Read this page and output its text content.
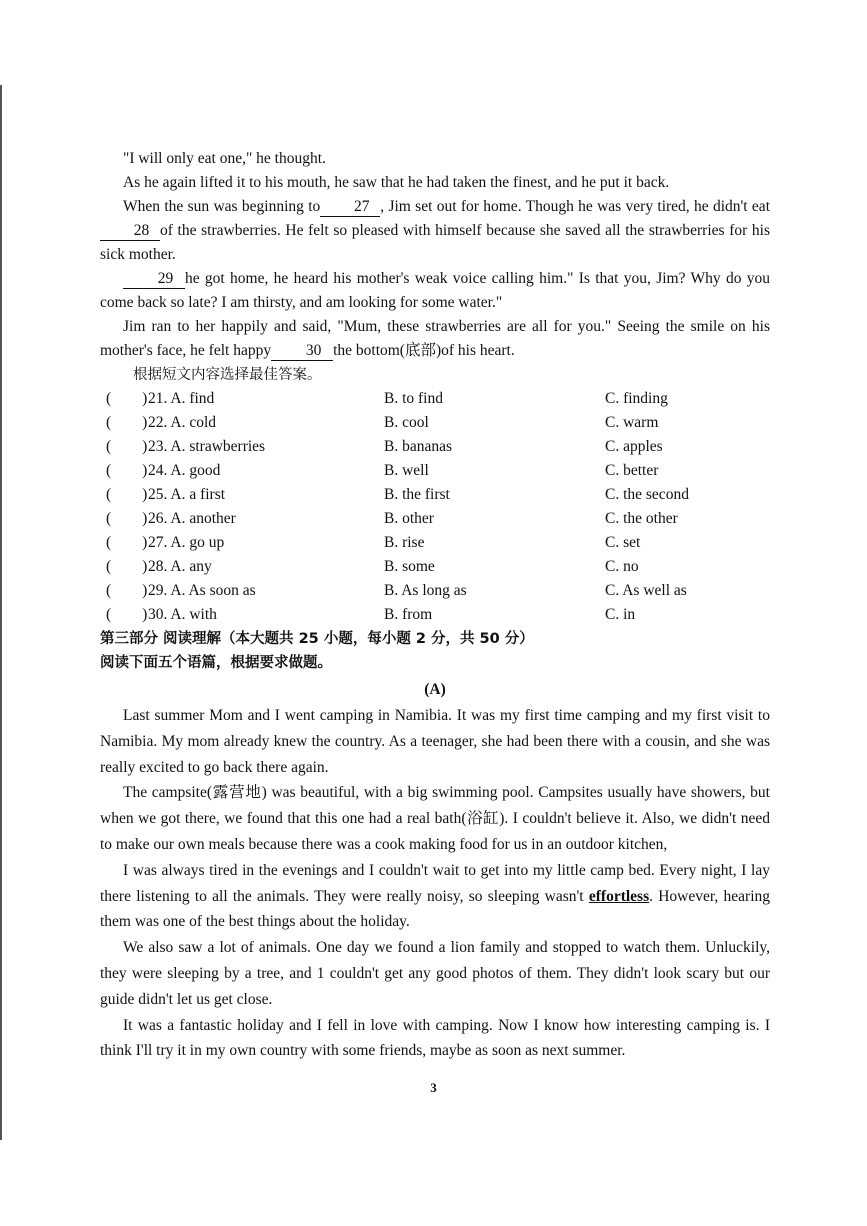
"I will only eat one," he thought.

As he again lifted it to his mouth, he saw that he had taken the finest, and he put it back.

When the sun was beginning to 27 , Jim set out for home. Though he was very tired, he didn't eat28 of the strawberries. He felt so pleased with himself because she saved all the strawberries for his sick mother.

29 he got home, he heard his mother's weak voice calling him." Is that you, Jim? Why do you come back so late? I am thirsty, and am looking for some water."

Jim ran to her happily and said, "Mum, these strawberries are all for you." Seeing the smile on his mother's face, he felt happy 30 the bottom(底部)of his heart.

根据短文内容选择最佳答案。

(　　) 21. A. find	B. to find	C. finding
(　　) 22. A. cold	B. cool	C. warm
(　　) 23. A. strawberries	B. bananas	C. apples
(　　) 24. A. good	B. well	C. better
(　　) 25. A. a first	B. the first	C. the second
(　　) 26. A. another	B. other	C. the other
(　　) 27. A. go up	B. rise	C. set
(　　) 28. A. any	B. some	C. no
(　　) 29. A. As soon as	B. As long as	C. As well as
(　　) 30. A. with	B. from	C. in

第三部分 阅读理解（本大题共 25 小题，每小题 2 分，共 50 分）

阅读下面五个语篇，根据要求做题。

(A)

Last summer Mom and I went camping in Namibia. It was my first time camping and my first visit to Namibia. My mom already knew the country. As a teenager, she had been there with a cousin, and she was really excited to go back there again.

The campsite(露营地) was beautiful, with a big swimming pool. Campsites usually have showers, but when we got there, we found that this one had a real bath(浴缸). I couldn't believe it. Also, we didn't need to make our own meals because there was a cook making food for us in an outdoor kitchen,

I was always tired in the evenings and I couldn't wait to get into my little camp bed. Every night, I lay there listening to all the animals. They were really noisy, so sleeping wasn't effortless. However, hearing them was one of the best things about the holiday.

We also saw a lot of animals. One day we found a lion family and stopped to watch them. Unluckily, they were sleeping by a tree, and 1 couldn't get any good photos of them. They didn't look scary but our guide didn't let us get close.

It was a fantastic holiday and I fell in love with camping. Now I know how interesting camping is. I think I'll try it in my own country with some friends, maybe as soon as next summer.

3
